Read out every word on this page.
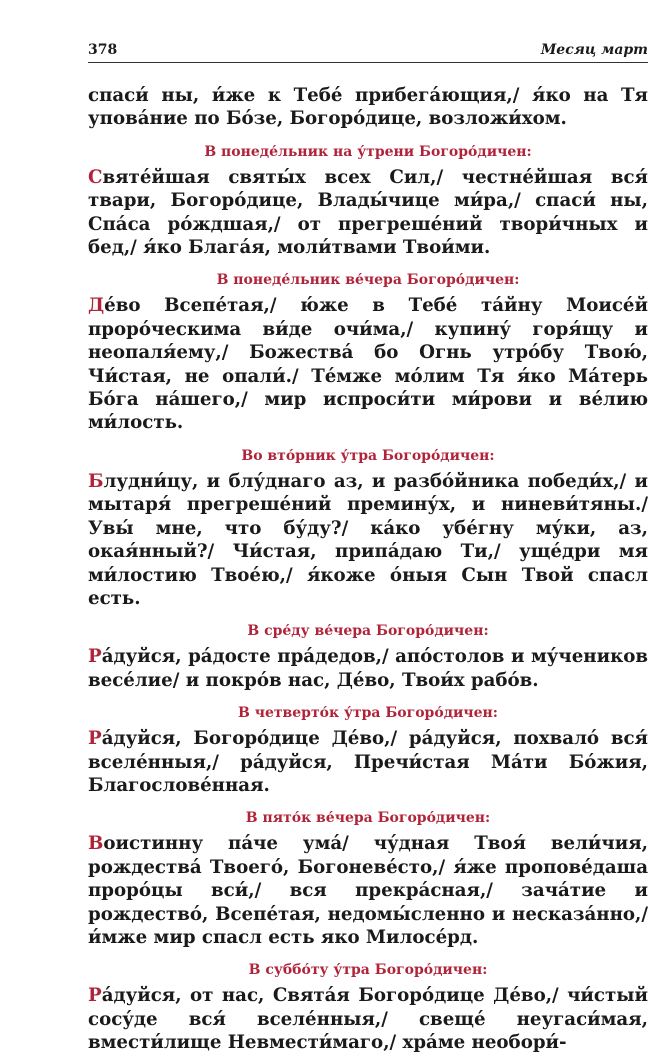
378	Месяц март

спаси́ ны, и́же к Тебе́ прибега́ющия,/ я́ко на Тя упова́ние по Бо́зе, Богоро́дице, возложи́хом.

В понеде́льник на у́трени Богоро́дичен:

Святе́йшая святы́х всех Сил,/ честне́йшая вся́ твари, Богоро́дице, Влады́чице ми́ра,/ спаси́ ны, Спа́са ро́ждшая,/ от прегреше́ний твори́чных и бед,/ я́ко Блага́я, моли́твами Твои́ми.

В понеде́льник ве́чера Богоро́дичен:

Де́во Всепе́тая,/ ю́же в Тебе́ та́йну Моисе́й проро́ческима ви́де очи́ма,/ купину́ горя́щу и неопаля́ему,/ Божества́ бо Огнь утро́бу Твою́, Чи́стая, не опали́./ Те́мже мо́лим Тя я́ко Ма́терь Бо́га на́шего,/ мир испроси́ти ми́рови и ве́лию ми́лость.

Во вто́рник у́тра Богоро́дичен:

Блудни́цу, и блу́днаго аз, и разбо́йника победи́х,/ и мытаря́ прегреше́ний премину́х, и ниневи́тяны./ Увы́ мне, что бу́ду?/ ка́ко убе́гну му́ки, аз, окая́нный?/ Чи́стая, припа́даю Ти,/ уще́дри мя ми́лостию Твое́ю,/ я́коже о́ныя Сын Твой спасл есть.

В сре́ду ве́чера Богоро́дичен:

Ра́дуйся, ра́досте пра́дедов,/ апо́столов и му́чеников весе́лие/ и покро́в нас, Де́во, Твои́х рабо́в.

В четверто́к у́тра Богоро́дичен:

Ра́дуйся, Богоро́дице Де́во,/ ра́дуйся, похвало́ вся́ вселе́нныя,/ ра́дуйся, Пречи́стая Ма́ти Бо́жия, Благослове́нная.

В пято́к ве́чера Богоро́дичен:

Воистинну па́че ума́/ чу́дная Твоя́ вели́чия, рождества́ Твоего́, Богоневе́сто,/ я́же пропове́даша проро́цы вси́,/ вся прекра́сная,/ зача́тие и рождество́, Всепе́тая, недомы́сленно и несказа́нно,/ и́мже мир спасл есть яко Милосе́рд.

В суббо́ту у́тра Богоро́дичен:

Ра́дуйся, от нас, Свята́я Богоро́дице Де́во,/ чи́стый сосу́де вся́ вселе́нныя,/ свеще́ неугаси́мая, вмести́лище Невмести́маго,/ хра́ме необори́-
